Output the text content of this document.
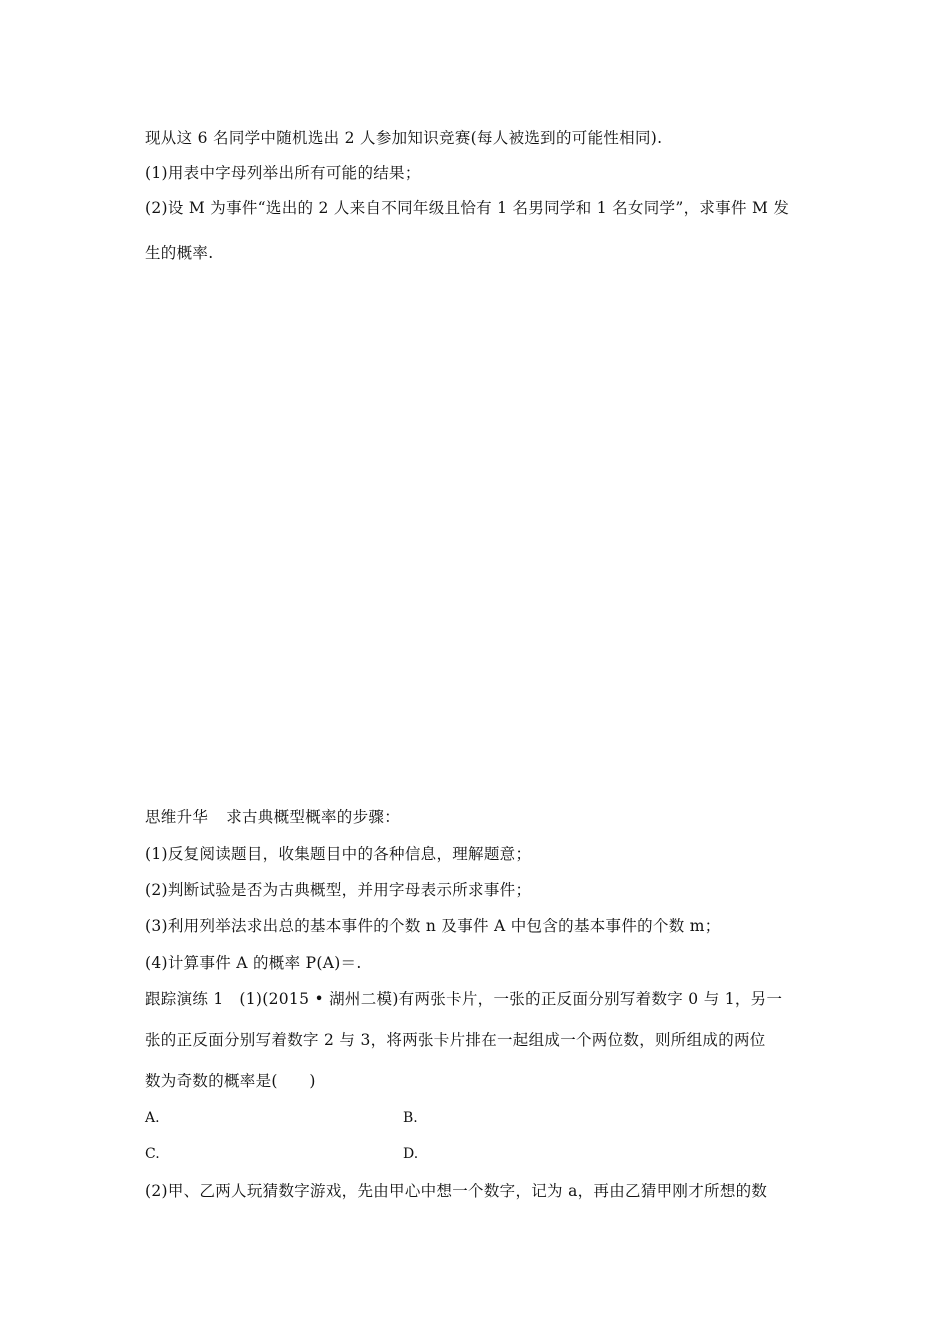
现从这 6 名同学中随机选出 2 人参加知识竞赛(每人被选到的可能性相同).
(1)用表中字母列举出所有可能的结果；
(2)设 M 为事件“选出的 2 人来自不同年级且恰有 1 名男同学和 1 名女同学”，求事件 M 发
生的概率.
思维升华 求古典概型概率的步骤：
(1)反复阅读题目，收集题目中的各种信息，理解题意；
(2)判断试验是否为古典概型，并用字母表示所求事件；
(3)利用列举法求出总的基本事件的个数 n 及事件 A 中包含的基本事件的个数 m；
(4)计算事件 A 的概率 P(A)＝.
跟踪演练 1　(1)(2015 • 湖州二模)有两张卡片，一张的正反面分别写着数字 0 与 1，另一
张的正反面分别写着数字 2 与 3，将两张卡片排在一起组成一个两位数，则所组成的两位
数为奇数的概率是(　　)
A.	B.
C.	D.
(2)甲、乙两人玩猜数字游戏，先由甲心中想一个数字，记为 a，再由乙猜甲刚才所想的数
